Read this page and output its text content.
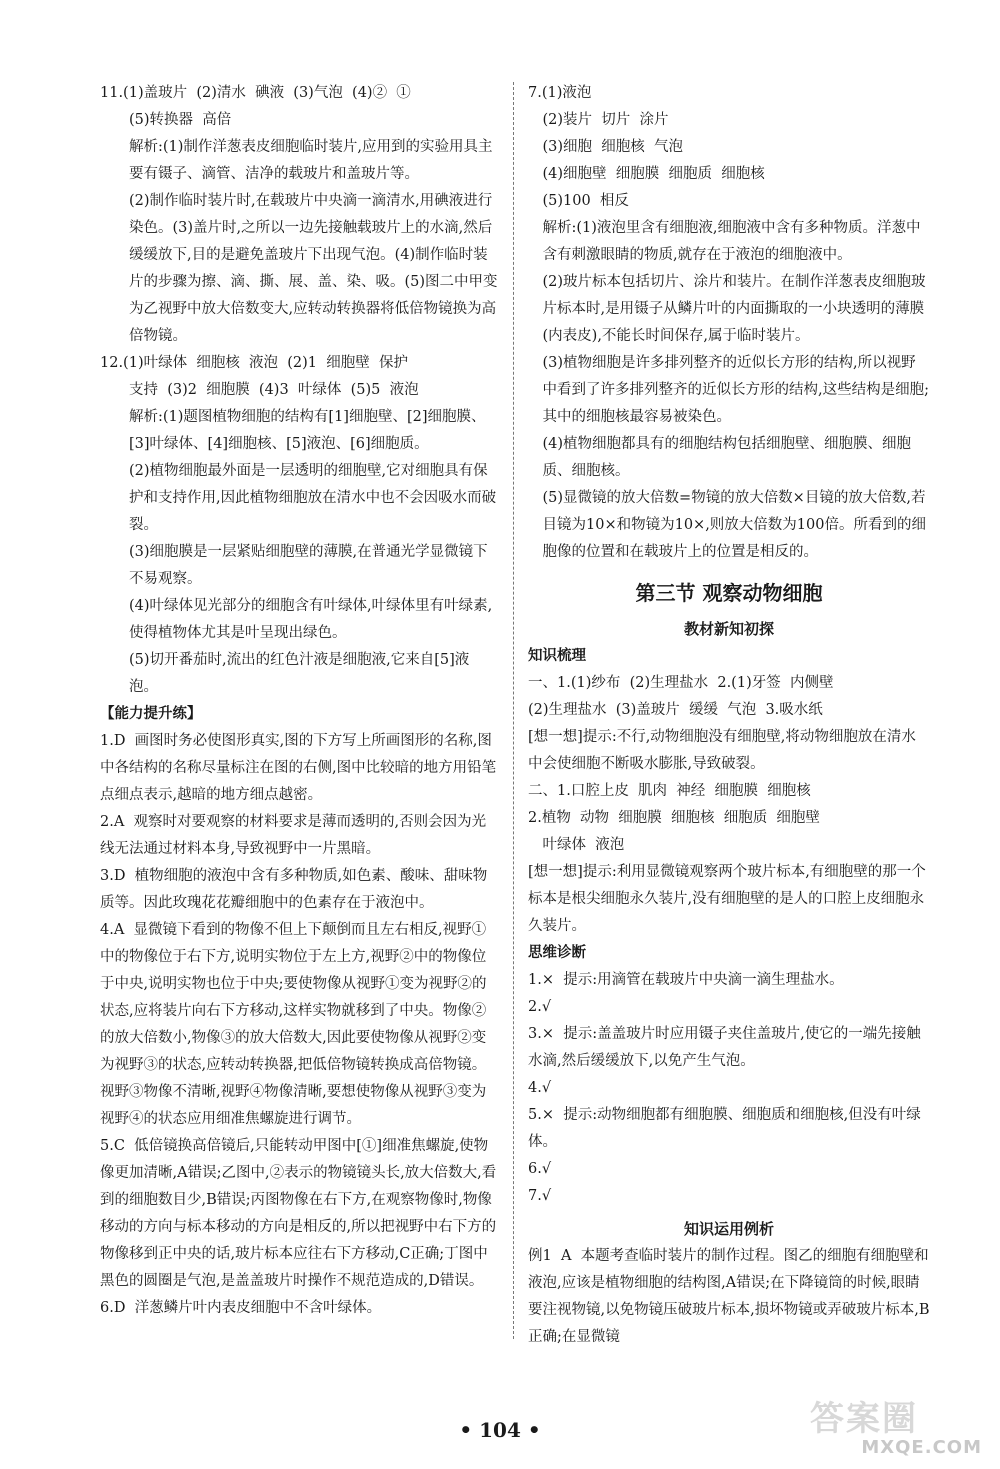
11.(1)盖玻片  (2)清水  碘液  (3)气泡  (4)②  ①

(5)转换器  高倍

解析:(1)制作洋葱表皮细胞临时装片,应用到的实验用具主要有镊子、滴管、洁净的载玻片和盖玻片等。

(2)制作临时装片时,在载玻片中央滴一滴清水,用碘液进行染色。(3)盖片时,之所以一边先接触载玻片上的水滴,然后缓缓放下,目的是避免盖玻片下出现气泡。(4)制作临时装片的步骤为擦、滴、撕、展、盖、染、吸。(5)图二中甲变为乙视野中放大倍数变大,应转动转换器将低倍物镜换为高倍物镜。

12.(1)叶绿体  细胞核  液泡  (2)1  细胞壁  保护

支持  (3)2  细胞膜  (4)3  叶绿体  (5)5  液泡

解析:(1)题图植物细胞的结构有[1]细胞壁、[2]细胞膜、[3]叶绿体、[4]细胞核、[5]液泡、[6]细胞质。

(2)植物细胞最外面是一层透明的细胞壁,它对细胞具有保护和支持作用,因此植物细胞放在清水中也不会因吸水而破裂。

(3)细胞膜是一层紧贴细胞壁的薄膜,在普通光学显微镜下不易观察。

(4)叶绿体见光部分的细胞含有叶绿体,叶绿体里有叶绿素,使得植物体尤其是叶呈现出绿色。

(5)切开番茄时,流出的红色汁液是细胞液,它来自[5]液泡。

【能力提升练】

1.D  画图时务必使图形真实,图的下方写上所画图形的名称,图中各结构的名称尽量标注在图的右侧,图中比较暗的地方用铅笔点细点表示,越暗的地方细点越密。

2.A  观察时对要观察的材料要求是薄而透明的,否则会因为光线无法通过材料本身,导致视野中一片黑暗。

3.D  植物细胞的液泡中含有多种物质,如色素、酸味、甜味物质等。因此玫瑰花花瓣细胞中的色素存在于液泡中。

4.A  显微镜下看到的物像不但上下颠倒而且左右相反,视野①中的物像位于右下方,说明实物位于左上方,视野②中的物像位于中央,说明实物也位于中央;要使物像从视野①变为视野②的状态,应将装片向右下方移动,这样实物就移到了中央。物像②的放大倍数小,物像③的放大倍数大,因此要使物像从视野②变为视野③的状态,应转动转换器,把低倍物镜转换成高倍物镜。视野③物像不清晰,视野④物像清晰,要想使物像从视野③变为视野④的状态应用细准焦螺旋进行调节。

5.C  低倍镜换高倍镜后,只能转动甲图中[①]细准焦螺旋,使物像更加清晰,A错误;乙图中,②表示的物镜镜头长,放大倍数大,看到的细胞数目少,B错误;丙图物像在右下方,在观察物像时,物像移动的方向与标本移动的方向是相反的,所以把视野中右下方的物像移到正中央的话,玻片标本应往右下方移动,C正确;丁图中黑色的圆圈是气泡,是盖盖玻片时操作不规范造成的,D错误。

6.D  洋葱鳞片叶内表皮细胞中不含叶绿体。

7.(1)液泡

(2)装片  切片  涂片

(3)细胞  细胞核  气泡

(4)细胞壁  细胞膜  细胞质  细胞核

(5)100  相反

解析:(1)液泡里含有细胞液,细胞液中含有多种物质。洋葱中含有刺激眼睛的物质,就存在于液泡的细胞液中。

(2)玻片标本包括切片、涂片和装片。在制作洋葱表皮细胞玻片标本时,是用镊子从鳞片叶的内面撕取的一小块透明的薄膜(内表皮),不能长时间保存,属于临时装片。

(3)植物细胞是许多排列整齐的近似长方形的结构,所以视野中看到了许多排列整齐的近似长方形的结构,这些结构是细胞;其中的细胞核最容易被染色。

(4)植物细胞都具有的细胞结构包括细胞壁、细胞膜、细胞质、细胞核。

(5)显微镜的放大倍数=物镜的放大倍数×目镜的放大倍数,若目镜为10×和物镜为10×,则放大倍数为100倍。所看到的细胞像的位置和在载玻片上的位置是相反的。

第三节 观察动物细胞
教材新知初探

知识梳理

一、1.(1)纱布  (2)生理盐水  2.(1)牙签  内侧壁

(2)生理盐水  (3)盖玻片  缓缓  气泡  3.吸水纸

[想一想]提示:不行,动物细胞没有细胞壁,将动物细胞放在清水中会使细胞不断吸水膨胀,导致破裂。

二、1.口腔上皮  肌肉  神经  细胞膜  细胞核

2.植物  动物  细胞膜  细胞核  细胞质  细胞壁

叶绿体  液泡

[想一想]提示:利用显微镜观察两个玻片标本,有细胞壁的那一个标本是根尖细胞永久装片,没有细胞壁的是人的口腔上皮细胞永久装片。

思维诊断

1.×  提示:用滴管在载玻片中央滴一滴生理盐水。

2.√

3.×  提示:盖盖玻片时应用镊子夹住盖玻片,使它的一端先接触水滴,然后缓缓放下,以免产生气泡。

4.√

5.×  提示:动物细胞都有细胞膜、细胞质和细胞核,但没有叶绿体。

6.√

7.√

知识运用例析

例1  A  本题考查临时装片的制作过程。图乙的细胞有细胞壁和液泡,应该是植物细胞的结构图,A错误;在下降镜筒的时候,眼睛要注视物镜,以免物镜压破玻片标本,损坏物镜或弄破玻片标本,B正确;在显微镜

• 104 •	答案圈
MXQE.COM
